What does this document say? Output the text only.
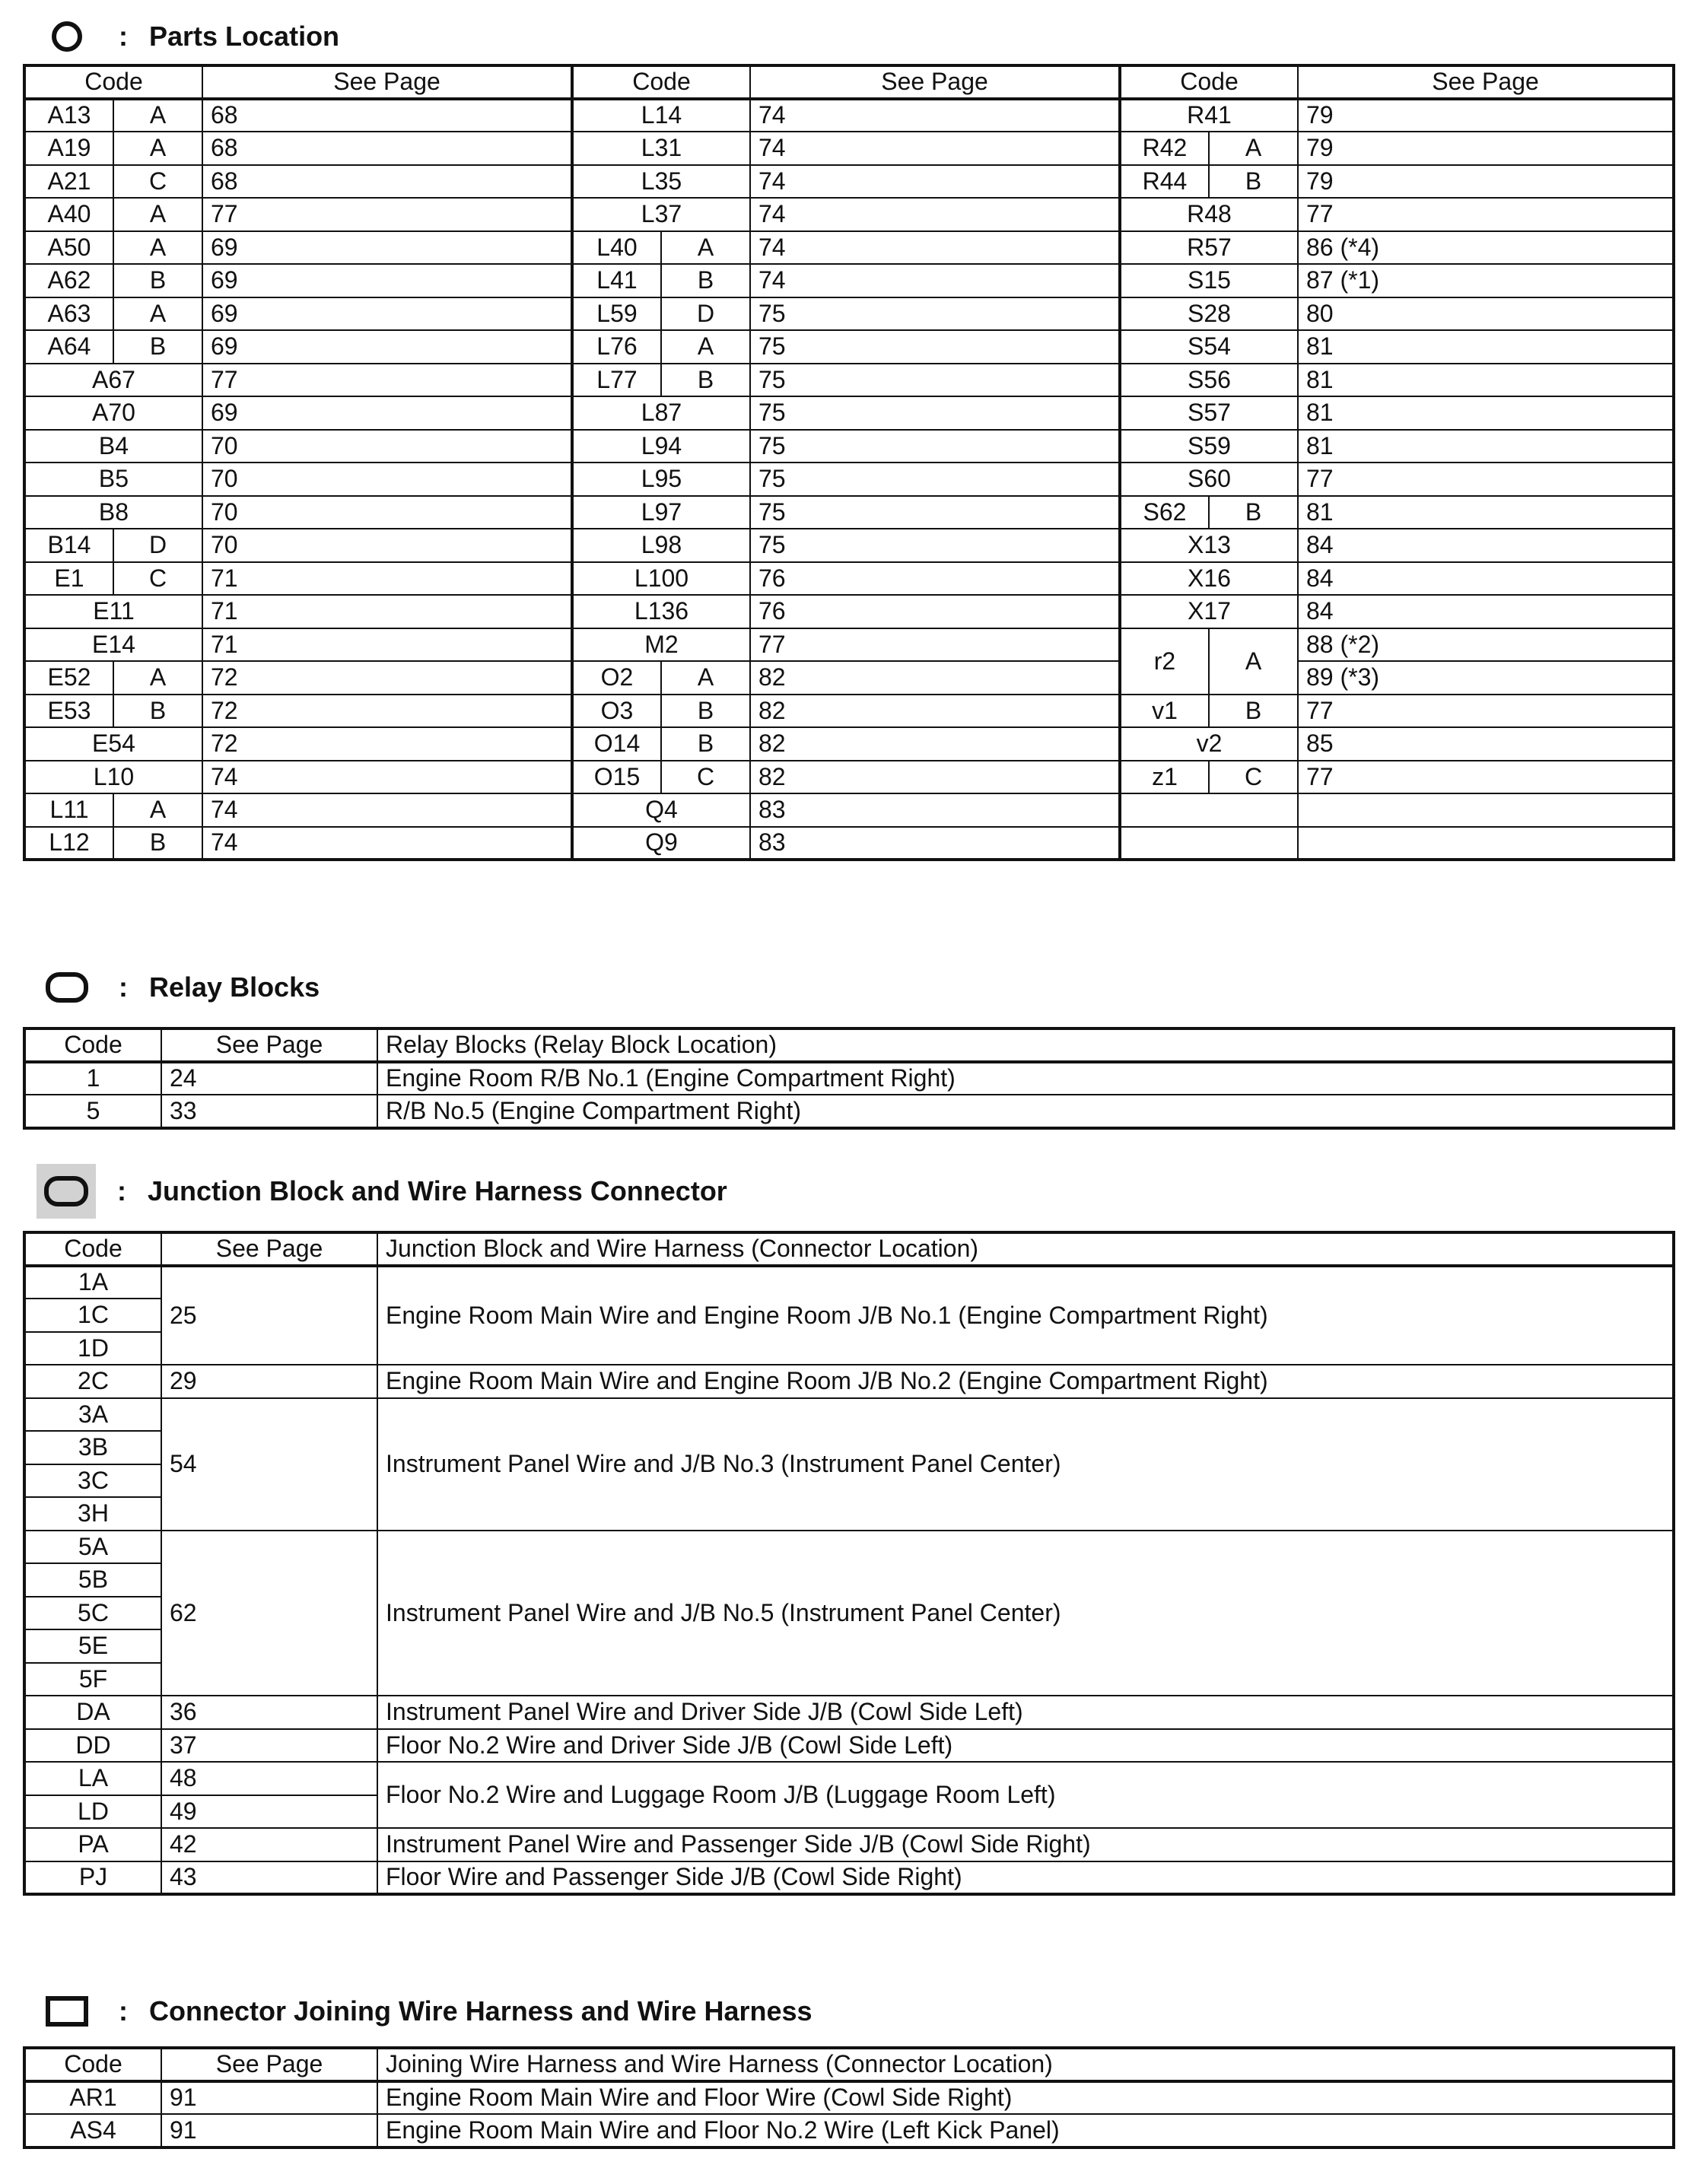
: Parts Location
Code		See Page	Code		See Page	Code		See Page
A13	A	68	L14		74	R41		79
A19	A	68	L31		74	R42	A	79
A21	C	68	L35		74	R44	B	79
A40	A	77	L37		74	R48		77
A50	A	69	L40	A	74	R57		86 (*4)
A62	B	69	L41	B	74	S15		87 (*1)
A63	A	69	L59	D	75	S28		80
A64	B	69	L76	A	75	S54		81
A67		77	L77	B	75	S56		81
A70		69	L87		75	S57		81
B4		70	L94		75	S59		81
B5		70	L95		75	S60		77
B8		70	L97		75	S62	B	81
B14	D	70	L98		75	X13		84
E1	C	71	L100		76	X16		84
E11		71	L136		76	X17		84
E14		71	M2		77	r2	A	88 (*2)
E52	A	72	O2	A	82			89 (*3)
E53	B	72	O3	B	82	v1	B	77
E54		72	O14	B	82	v2		85
L10		74	O15	C	82	z1	C	77
L11	A	74	Q4		83			
L12	B	74	Q9		83			
: Relay Blocks
Code	See Page	Relay Blocks (Relay Block Location)
1	24	Engine Room R/B No.1 (Engine Compartment Right)
5	33	R/B No.5 (Engine Compartment Right)
: Junction Block and Wire Harness Connector
Code	See Page	Junction Block and Wire Harness (Connector Location)
1A	25	Engine Room Main Wire and Engine Room J/B No.1 (Engine Compartment Right)
1C		
1D		
2C	29	Engine Room Main Wire and Engine Room J/B No.2 (Engine Compartment Right)
3A	54	Instrument Panel Wire and J/B No.3 (Instrument Panel Center)
3B		
3C		
3H		
5A	62	Instrument Panel Wire and J/B No.5 (Instrument Panel Center)
5B		
5C		
5E		
5F		
DA	36	Instrument Panel Wire and Driver Side J/B (Cowl Side Left)
DD	37	Floor No.2 Wire and Driver Side J/B (Cowl Side Left)
LA	48	Floor No.2 Wire and Luggage Room J/B (Luggage Room Left)
LD	49	
PA	42	Instrument Panel Wire and Passenger Side J/B (Cowl Side Right)
PJ	43	Floor Wire and Passenger Side J/B (Cowl Side Right)
: Connector Joining Wire Harness and Wire Harness
Code	See Page	Joining Wire Harness and Wire Harness (Connector Location)
AR1	91	Engine Room Main Wire and Floor Wire (Cowl Side Right)
AS4	91	Engine Room Main Wire and Floor No.2 Wire (Left Kick Panel)
